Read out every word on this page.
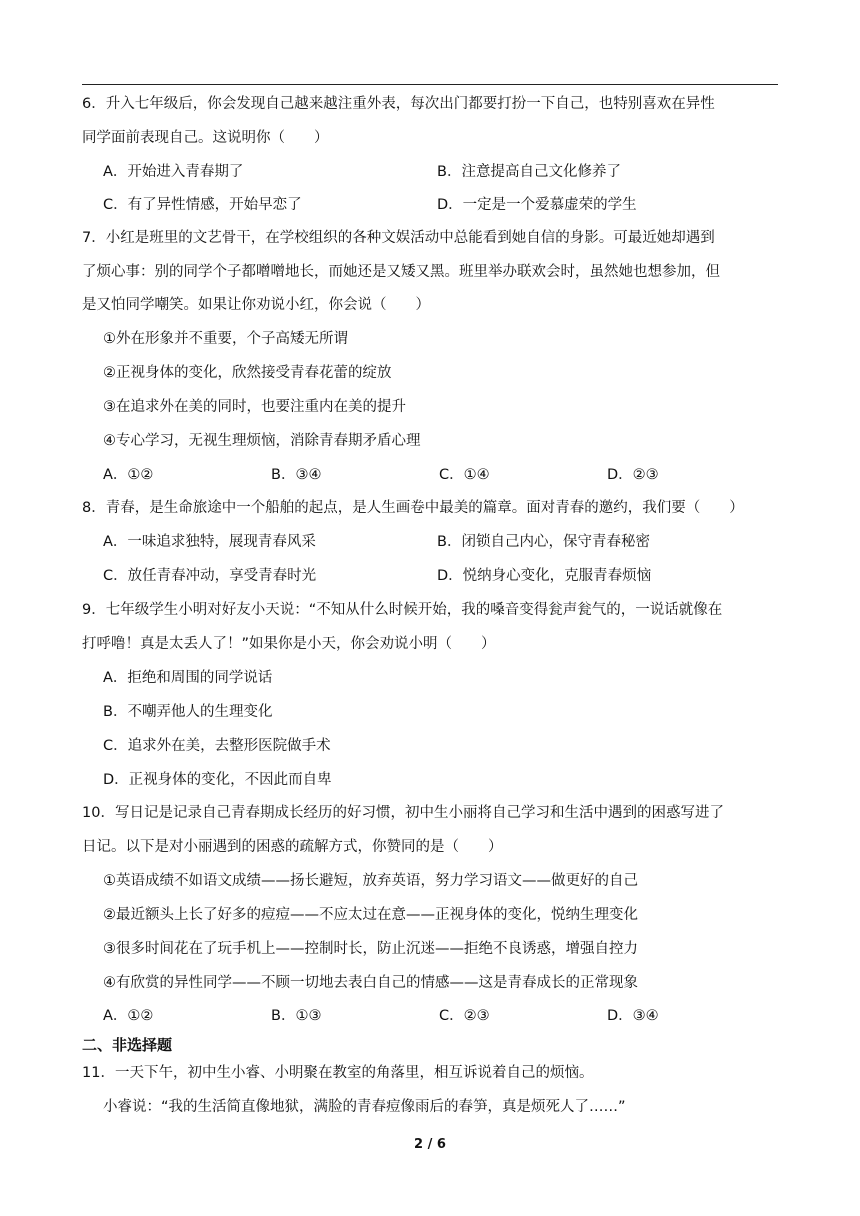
6．升入七年级后，你会发现自己越来越注重外表，每次出门都要打扮一下自己，也特别喜欢在异性
同学面前表现自己。这说明你（　　）
A．开始进入青春期了	B．注意提高自己文化修养了
C．有了异性情感，开始早恋了	D．一定是一个爱慕虚荣的学生
7．小红是班里的文艺骨干，在学校组织的各种文娱活动中总能看到她自信的身影。可最近她却遇到
了烦心事：别的同学个子都噌噌地长，而她还是又矮又黑。班里举办联欢会时，虽然她也想参加，但
是又怕同学嘲笑。如果让你劝说小红，你会说（　　）
①外在形象并不重要，个子高矮无所谓
②正视身体的变化，欣然接受青春花蕾的绽放
③在追求外在美的同时，也要注重内在美的提升
④专心学习，无视生理烦恼，消除青春期矛盾心理
A．①②	B．③④	C．①④	D．②③
8．青春，是生命旅途中一个船舶的起点，是人生画卷中最美的篇章。面对青春的邀约，我们要（　　）
A．一味追求独特，展现青春风采	B．闭锁自己内心，保守青春秘密
C．放任青春冲动，享受青春时光	D．悦纳身心变化，克服青春烦恼
9．七年级学生小明对好友小天说：“不知从什么时候开始，我的嗓音变得瓮声瓮气的，一说话就像在
打呼噜！真是太丢人了！”如果你是小天，你会劝说小明（　　）
A．拒绝和周围的同学说话
B．不嘲弄他人的生理变化
C．追求外在美，去整形医院做手术
D．正视身体的变化，不因此而自卑
10．写日记是记录自己青春期成长经历的好习惯，初中生小丽将自己学习和生活中遇到的困惑写进了
日记。以下是对小丽遇到的困惑的疏解方式，你赞同的是（　　）
①英语成绩不如语文成绩——扬长避短，放弃英语，努力学习语文——做更好的自己
②最近额头上长了好多的痘痘——不应太过在意——正视身体的变化，悦纳生理变化
③很多时间花在了玩手机上——控制时长，防止沉迷——拒绝不良诱惑，增强自控力
④有欣赏的异性同学——不顾一切地去表白自己的情感——这是青春成长的正常现象
A．①②	B．①③	C．②③	D．③④
二、非选择题
11．一天下午，初中生小睿、小明聚在教室的角落里，相互诉说着自己的烦恼。
小睿说：“我的生活简直像地狱，满脸的青春痘像雨后的春笋，真是烦死人了……”
2 / 6
